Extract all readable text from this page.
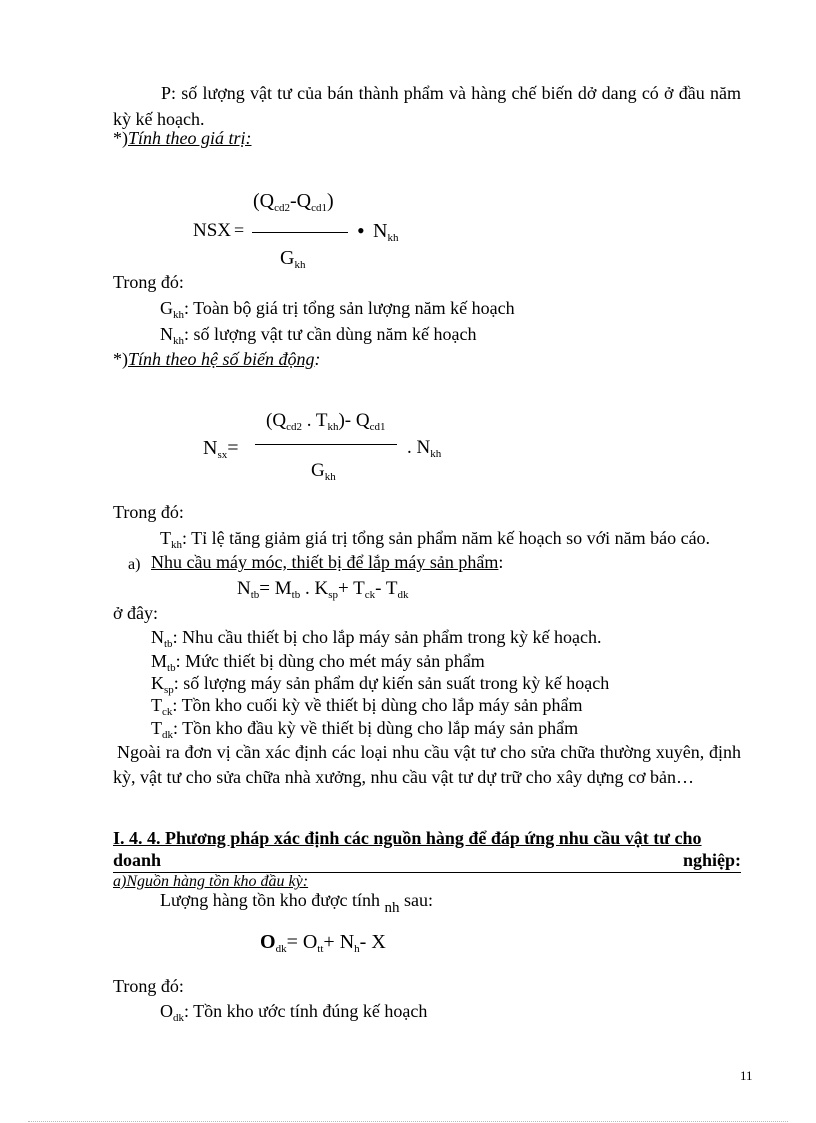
P: số lượng vật tư của bán thành phẩm và hàng chế biến dở dang có ở đầu năm kỳ kế hoạch.
*)Tính theo giá trị:
NSX =
$(Q_{cd2}-Q_{cd1})$
$G_{kh}$
• $N_{kh}$
Trong đó:
$G_{kh}$: Toàn bộ giá trị tổng sản lượng năm kế hoạch
$N_{kh}$: số lượng vật tư cần dùng năm kế hoạch
*)Tính theo hệ số biến động:
$N_{sx}=$
($Q_{cd2}$ . $T_{kh})-$ $Q_{cd1}$
$G_{kh}$
. $N_{kh}$
Trong đó:
$T_{kh}$: Tỉ lệ tăng giảm giá trị tổng sản phẩm năm kế hoạch so với năm báo cáo.
a) Nhu cầu máy móc, thiết bị để lắp máy sản phẩm:
$N_{tb}= M_{tb}$ . $K_{sp}+ T_{ck}-$ $T_{dk}$
ở đây:
$N_{tb}$: Nhu cầu thiết bị cho lắp máy sản phẩm trong kỳ kế hoạch.
$M_{tb}$: Mức thiết bị dùng cho mét máy sản phẩm
$K_{sp}$: số lượng máy sản phẩm dự kiến sản suất trong kỳ kế hoạch
$T_{ck}$: Tồn kho cuối kỳ về thiết bị dùng cho lắp máy sản phẩm
$T_{dk}$: Tồn kho đầu kỳ về thiết bị dùng cho lắp máy sản phẩm
Ngoài ra đơn vị cần xác định các loại nhu cầu vật tư cho sửa chữa thường xuyên, định kỳ, vật tư cho sửa chữa nhà xưởng, nhu cầu vật tư dự trữ cho xây dựng cơ bản…
I. 4. 4. Phương pháp xác định các nguồn hàng để đáp ứng nhu cầu vật tư cho
doanh	nghiệp:
a)Nguồn hàng tồn kho đầu kỳ:
Lượng hàng tồn kho được tính $_{nh}$ sau:
$O_{dk}= O_{tt}+ N_h-$ X
Trong đó:
$O_{dk}$: Tồn kho ước tính đúng kế hoạch
11
